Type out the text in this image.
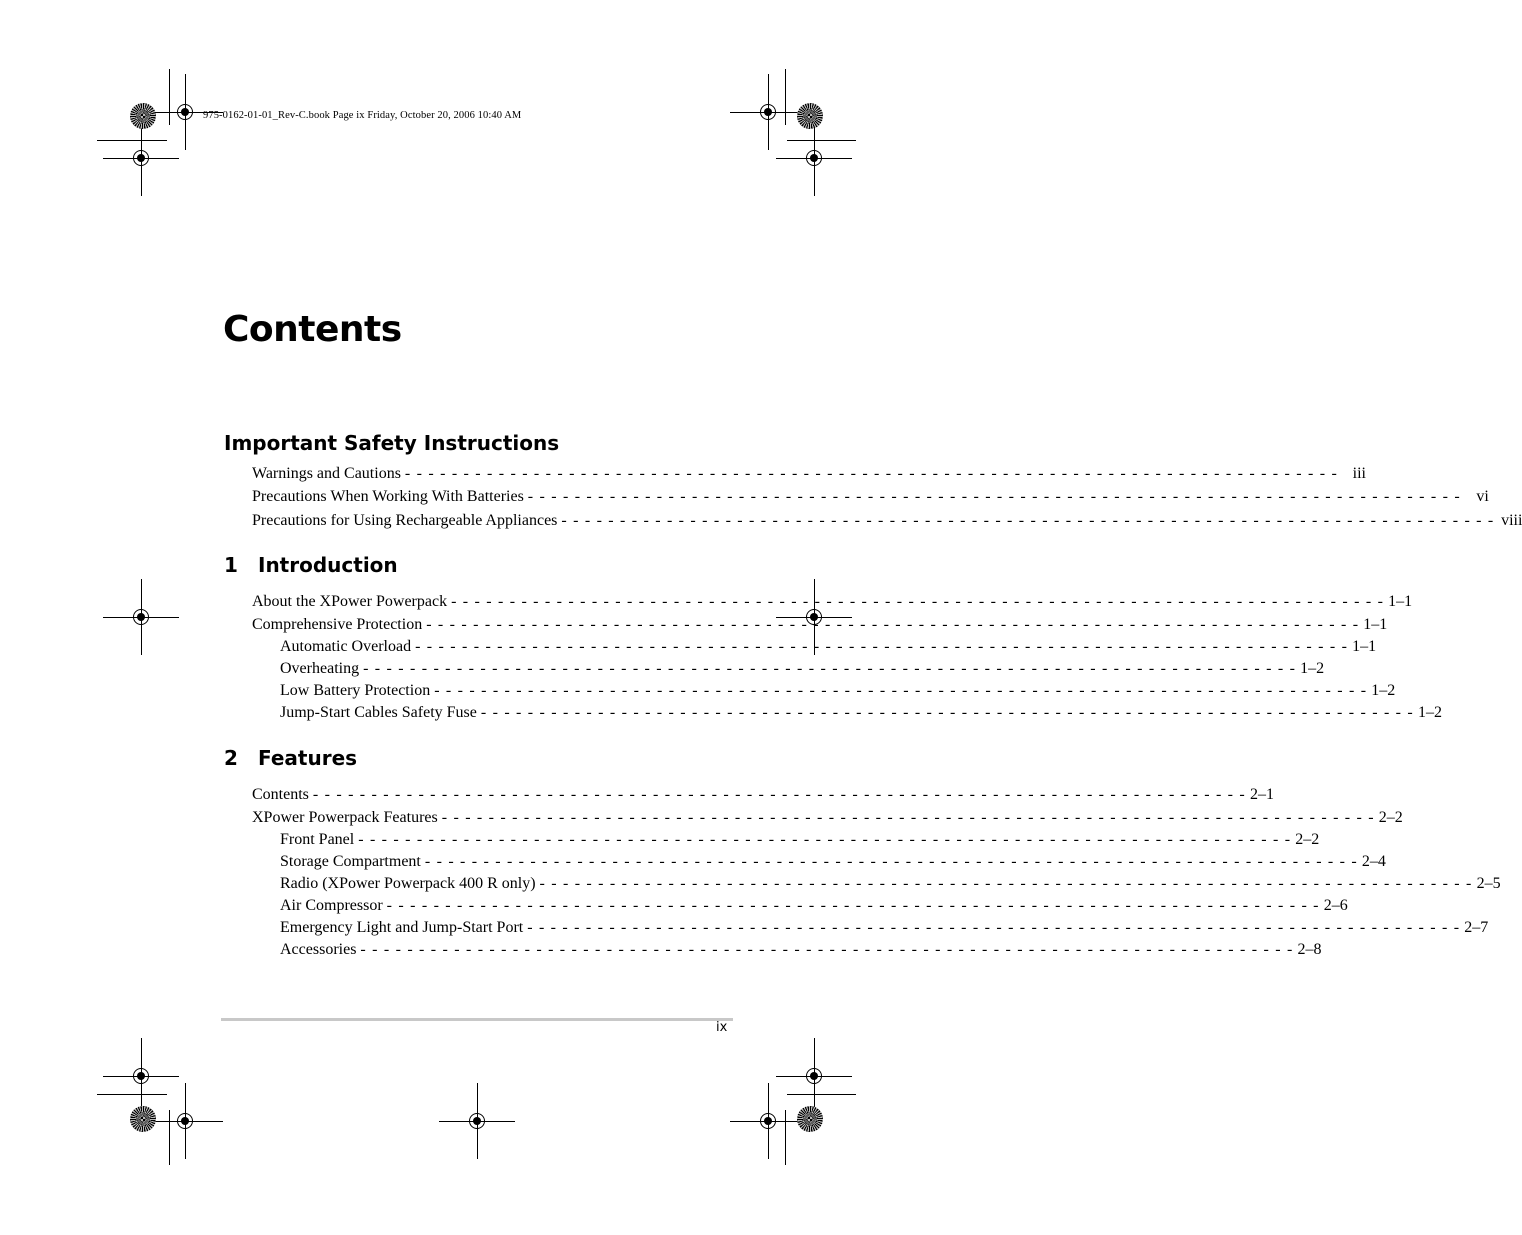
975-0162-01-01_Rev-C.book Page ix Friday, October 20, 2006 10:40 AM
Contents
Important Safety Instructions
Warnings and Cautions - - - - - - - - - - - - - - - - - - - - - - - - - - - - - - - - - - - - - - - - - - - - - - - - - - - - - - - - - - - - - - - - - - - - - - - - - - - - - - - - iii
Precautions When Working With Batteries - - - - - - - - - - - - - - - - - - - - - - - - - - - - - - - - - - - - - - - - - - - - - - - - - - - - - - - - - - - - - - - - - - - - - - - - - - - - - - - - vi
Precautions for Using Rechargeable Appliances - - - - - - - - - - - - - - - - - - - - - - - - - - - - - - - - - - - - - - - - - - - - - - - - - - - - - - - - - - - - - - - - - - - - - - - - - - - - - - - - viii
1 Introduction
About the XPower Powerpack - - - - - - - - - - - - - - - - - - - - - - - - - - - - - - - - - - - - - - - - - - - - - - - - - - - - - - - - - - - - - - - - - - - - - - - - - - - - - - - - 1–1
Comprehensive Protection - - - - - - - - - - - - - - - - - - - - - - - - - - - - - - - - - - - - - - - - - - - - - - - - - - - - - - - - - - - - - - - - - - - - - - - - - - - - - - - - 1–1
Automatic Overload - - - - - - - - - - - - - - - - - - - - - - - - - - - - - - - - - - - - - - - - - - - - - - - - - - - - - - - - - - - - - - - - - - - - - - - - - - - - - - - - 1–1
Overheating - - - - - - - - - - - - - - - - - - - - - - - - - - - - - - - - - - - - - - - - - - - - - - - - - - - - - - - - - - - - - - - - - - - - - - - - - - - - - - - - 1–2
Low Battery Protection - - - - - - - - - - - - - - - - - - - - - - - - - - - - - - - - - - - - - - - - - - - - - - - - - - - - - - - - - - - - - - - - - - - - - - - - - - - - - - - - 1–2
Jump-Start Cables Safety Fuse - - - - - - - - - - - - - - - - - - - - - - - - - - - - - - - - - - - - - - - - - - - - - - - - - - - - - - - - - - - - - - - - - - - - - - - - - - - - - - - - 1–2
2 Features
Contents - - - - - - - - - - - - - - - - - - - - - - - - - - - - - - - - - - - - - - - - - - - - - - - - - - - - - - - - - - - - - - - - - - - - - - - - - - - - - - - - 2–1
XPower Powerpack Features - - - - - - - - - - - - - - - - - - - - - - - - - - - - - - - - - - - - - - - - - - - - - - - - - - - - - - - - - - - - - - - - - - - - - - - - - - - - - - - - 2–2
Front Panel - - - - - - - - - - - - - - - - - - - - - - - - - - - - - - - - - - - - - - - - - - - - - - - - - - - - - - - - - - - - - - - - - - - - - - - - - - - - - - - - 2–2
Storage Compartment - - - - - - - - - - - - - - - - - - - - - - - - - - - - - - - - - - - - - - - - - - - - - - - - - - - - - - - - - - - - - - - - - - - - - - - - - - - - - - - - 2–4
Radio (XPower Powerpack 400 R only) - - - - - - - - - - - - - - - - - - - - - - - - - - - - - - - - - - - - - - - - - - - - - - - - - - - - - - - - - - - - - - - - - - - - - - - - - - - - - - - - 2–5
Air Compressor - - - - - - - - - - - - - - - - - - - - - - - - - - - - - - - - - - - - - - - - - - - - - - - - - - - - - - - - - - - - - - - - - - - - - - - - - - - - - - - - 2–6
Emergency Light and Jump-Start Port - - - - - - - - - - - - - - - - - - - - - - - - - - - - - - - - - - - - - - - - - - - - - - - - - - - - - - - - - - - - - - - - - - - - - - - - - - - - - - - - 2–7
Accessories - - - - - - - - - - - - - - - - - - - - - - - - - - - - - - - - - - - - - - - - - - - - - - - - - - - - - - - - - - - - - - - - - - - - - - - - - - - - - - - - 2–8
ix
